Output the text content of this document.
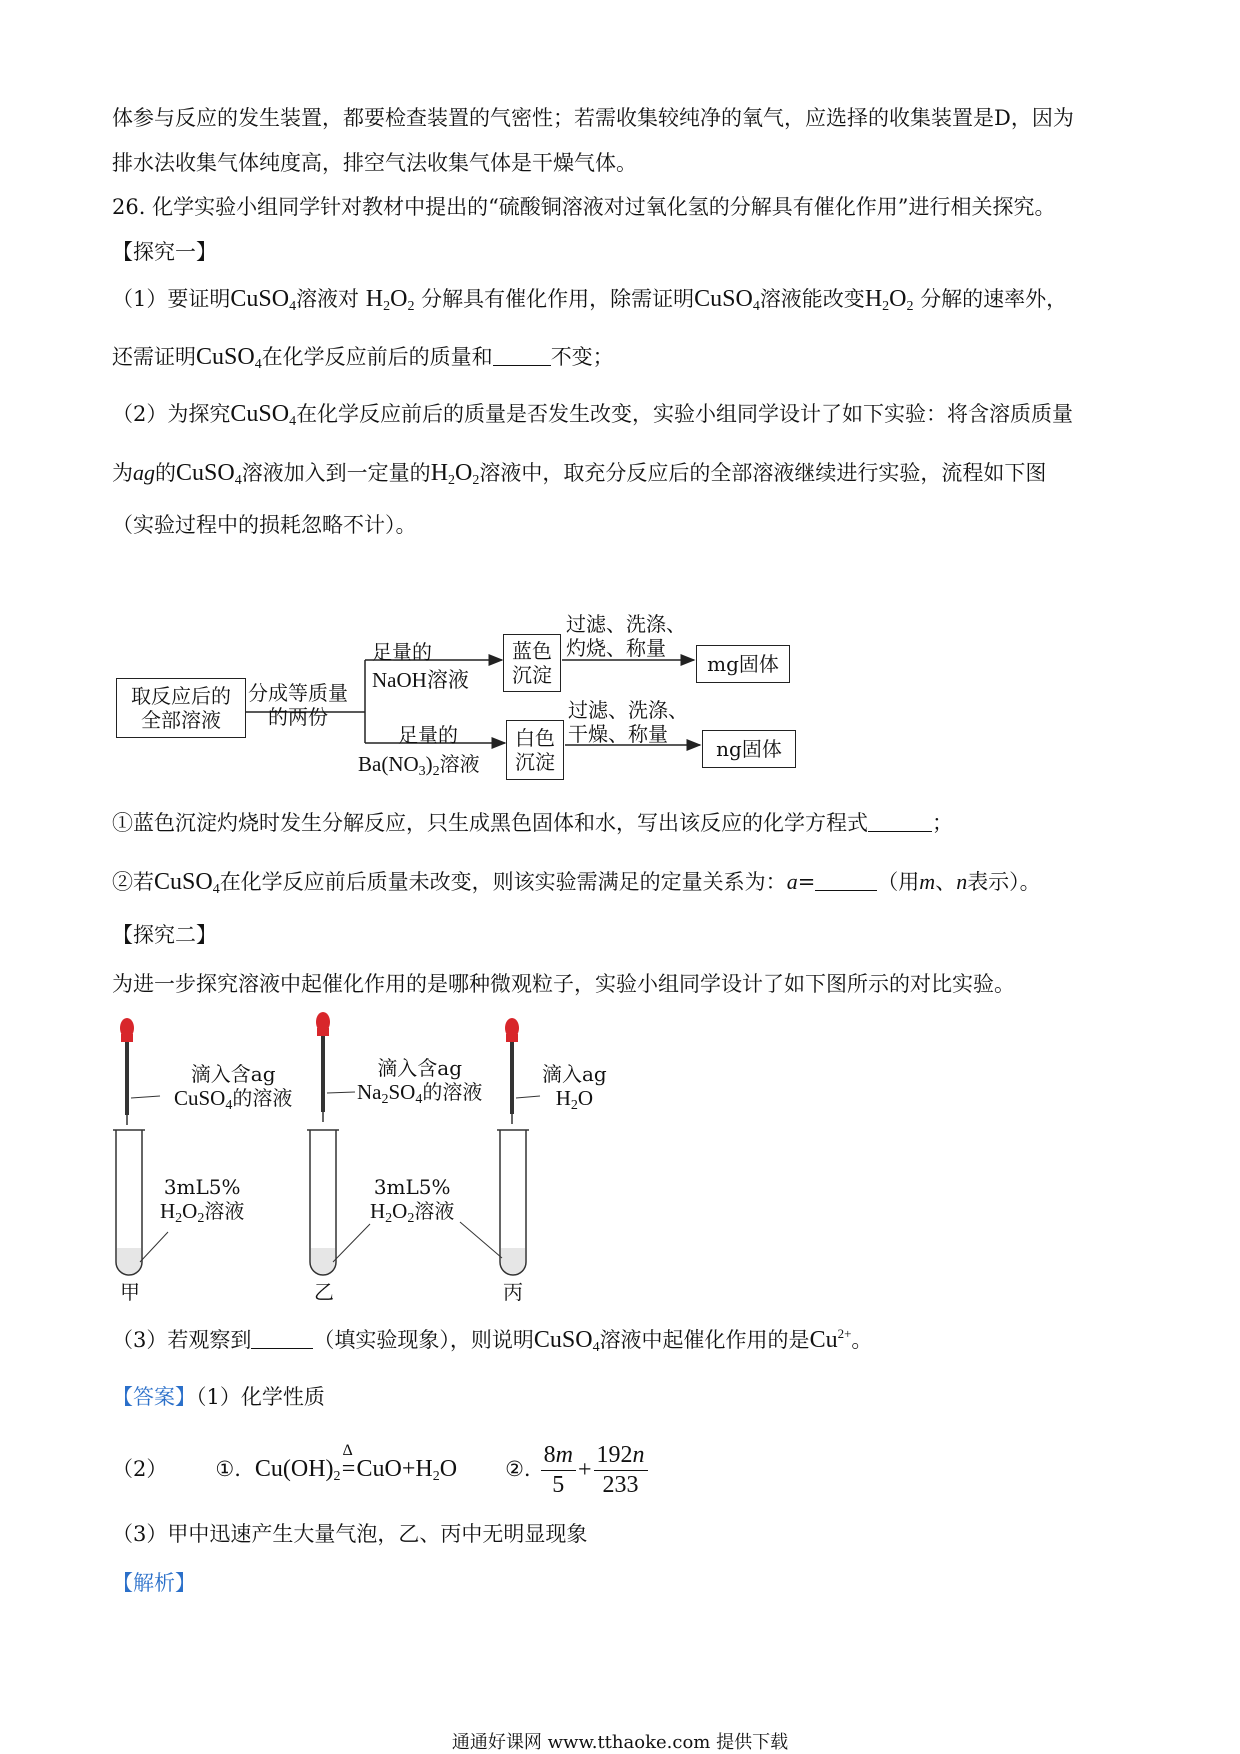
体参与反应的发生装置，都要检查装置的气密性；若需收集较纯净的氧气，应选择的收集装置是D，因为
排水法收集气体纯度高，排空气法收集气体是干燥气体。
26. 化学实验小组同学针对教材中提出的“硫酸铜溶液对过氧化氢的分解具有催化作用”进行相关探究。
【探究一】
（1）要证明CuSO$_4$溶液对 $H_2O_2$ 分解具有催化作用，除需证明CuSO$_4$溶液能改变$H_2O_2$ 分解的速率外，
还需证明CuSO$_4$在化学反应前后的质量和	不变；
（2）为探究CuSO$_4$在化学反应前后的质量是否发生改变，实验小组同学设计了如下实验：将含溶质质量
为ag的CuSO$_4$溶液加入到一定量的$H_2O_2$溶液中，取充分反应后的全部溶液继续进行实验，流程如下图
（实验过程中的损耗忽略不计）。
取反应后的
全部溶液
分成等质量
的两份
足量的
NaOH溶液
蓝色
沉淀
过滤、洗涤、
灼烧、称量
mg固体
足量的
$Ba(NO_3)_2$溶液
白色
沉淀
过滤、洗涤、
干燥、称量
ng固体
①蓝色沉淀灼烧时发生分解反应，只生成黑色固体和水，写出该反应的化学方程式	；
②若CuSO$_4$在化学反应前后质量未改变，则该实验需满足的定量关系为：a=	（用m、n表示）。
【探究二】
为进一步探究溶液中起催化作用的是哪种微观粒子，实验小组同学设计了如下图所示的对比实验。
滴入含ag
CuSO$_4$的溶液
滴入含ag
$Na_2SO_4$的溶液
滴入ag
$H_2O$
3mL5%
$H_2O_2$溶液
3mL5%
$H_2O_2$溶液
甲	乙	丙
（3）若观察到	（填实验现象），则说明CuSO$_4$溶液中起催化作用的是$Cu^{2+}$。
【答案】（1）化学性质
（2） ①. $Cu(OH)_2$
Δ
$=CuO+H_2O$ ②. $\frac{8m}{5} + \frac{192n}{233}$
（3）甲中迅速产生大量气泡，乙、丙中无明显现象
【解析】
通通好课网 www.tthaoke.com 提供下载
